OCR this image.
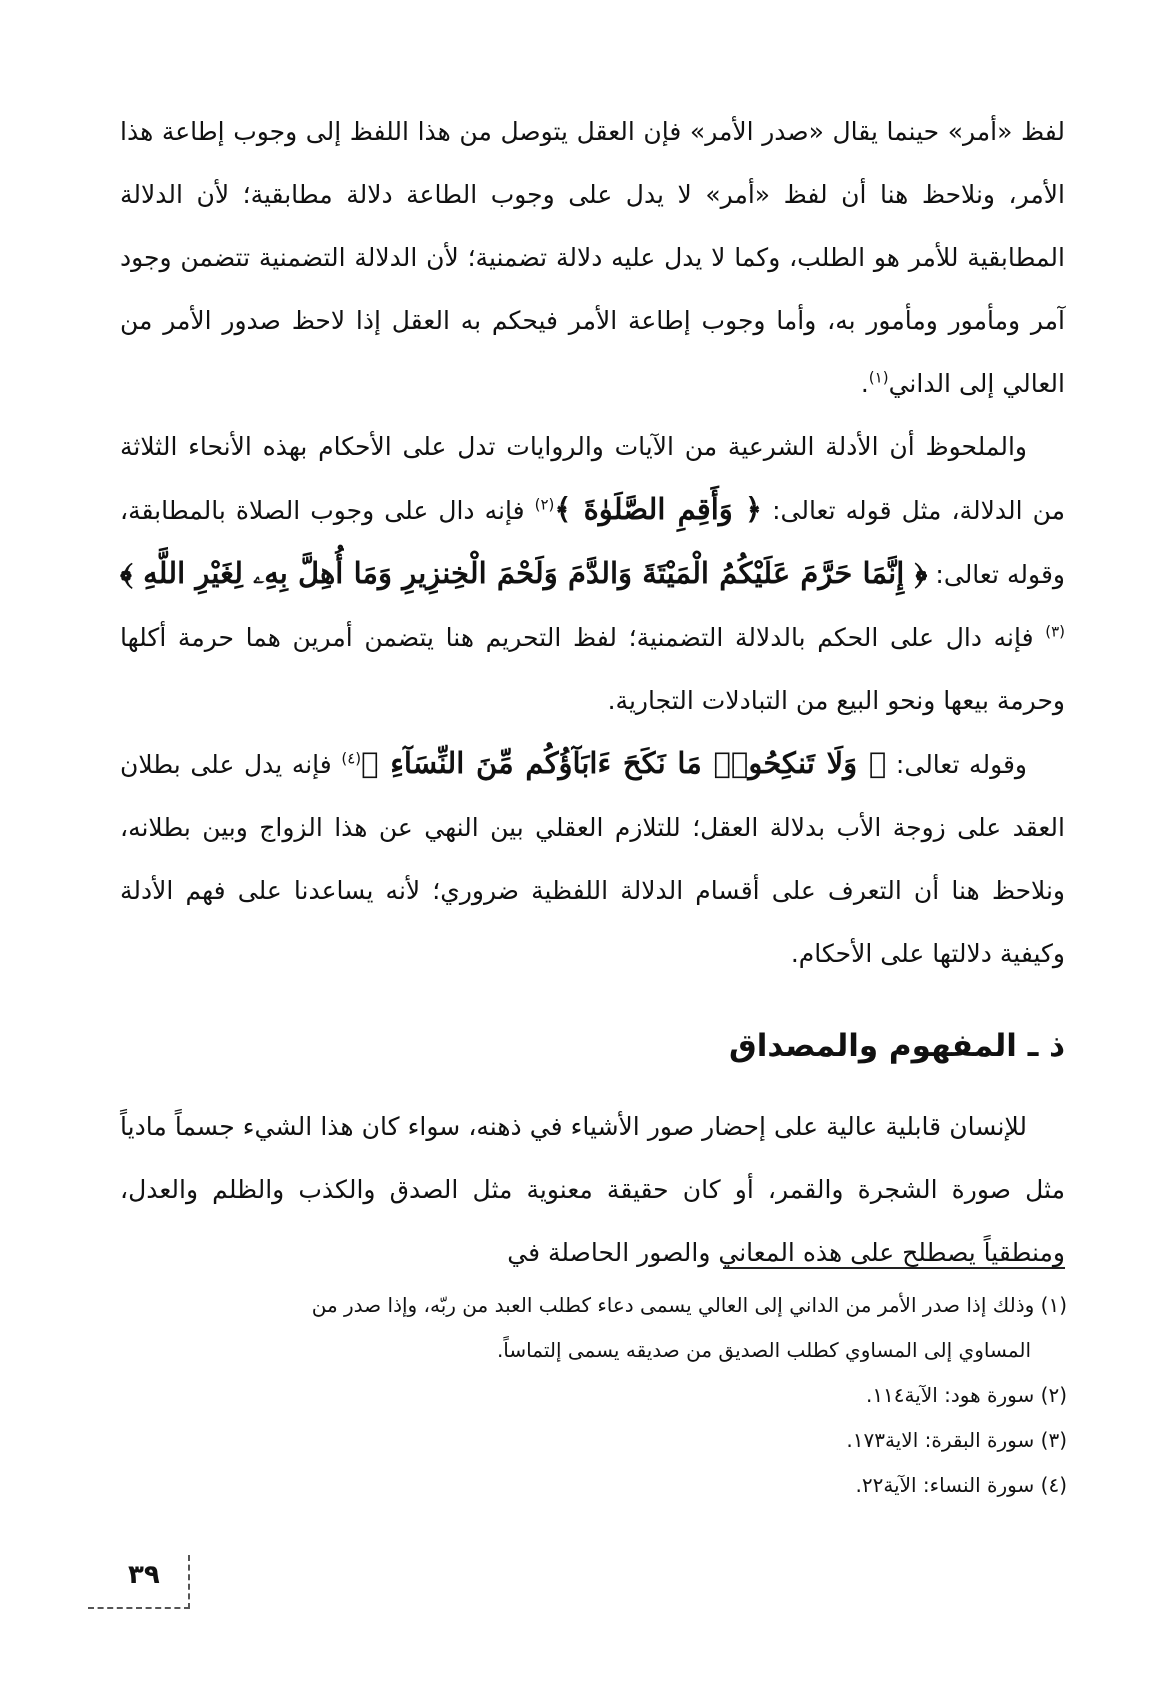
لفظ «أمر» حينما يقال «صدر الأمر» فإن العقل يتوصل من هذا اللفظ إلى وجوب إطاعة هذا الأمر، ونلاحظ هنا أن لفظ «أمر» لا يدل على وجوب الطاعة دلالة مطابقية؛ لأن الدلالة المطابقية للأمر هو الطلب، وكما لا يدل عليه دلالة تضمنية؛ لأن الدلالة التضمنية تتضمن وجود آمر ومأمور ومأمور به، وأما وجوب إطاعة الأمر فيحكم به العقل إذا لاحظ صدور الأمر من العالي إلى الداني$^{(١)}$.

والملحوظ أن الأدلة الشرعية من الآيات والروايات تدل على الأحكام بهذه الأنحاء الثلاثة من الدلالة، مثل قوله تعالى: ﴿ وَأَقِمِ الصَّلَوٰةَ ﴾$^{(٢)}$ فإنه دال على وجوب الصلاة بالمطابقة، وقوله تعالى: ﴿ إِنَّمَا حَرَّمَ عَلَيْكُمُ الْمَيْتَةَ وَالدَّمَ وَلَحْمَ الْخِنزِيرِ وَمَا أُهِلَّ بِهِۦ لِغَيْرِ اللَّهِ ﴾$^{(٣)}$ فإنه دال على الحكم بالدلالة التضمنية؛ لفظ التحريم هنا يتضمن أمرين هما حرمة أكلها وحرمة بيعها ونحو البيع من التبادلات التجارية.

وقوله تعالى: ﴿ وَلَا تَنكِحُوا۟ مَا نَكَحَ ءَابَآؤُكُم مِّنَ النِّسَآءِ ﴾$^{(٤)}$ فإنه يدل على بطلان العقد على زوجة الأب بدلالة العقل؛ للتلازم العقلي بين النهي عن هذا الزواج وبين بطلانه، ونلاحظ هنا أن التعرف على أقسام الدلالة اللفظية ضروري؛ لأنه يساعدنا على فهم الأدلة وكيفية دلالتها على الأحكام.

ذ ـ المفهوم والمصداق

للإنسان قابلية عالية على إحضار صور الأشياء في ذهنه، سواء كان هذا الشيء جسماً مادياً مثل صورة الشجرة والقمر، أو كان حقيقة معنوية مثل الصدق والكذب والظلم والعدل، ومنطقياً يصطلح على هذه المعاني والصور الحاصلة في

(١) وذلك إذا صدر الأمر من الداني إلى العالي يسمى دعاء كطلب العبد من ربّه، وإذا صدر من

المساوي إلى المساوي كطلب الصديق من صديقه يسمى إلتماساً.

(٢) سورة هود: الآية١١٤.

(٣) سورة البقرة: الاية١٧٣.

(٤) سورة النساء: الآية٢٢.

٣٩
